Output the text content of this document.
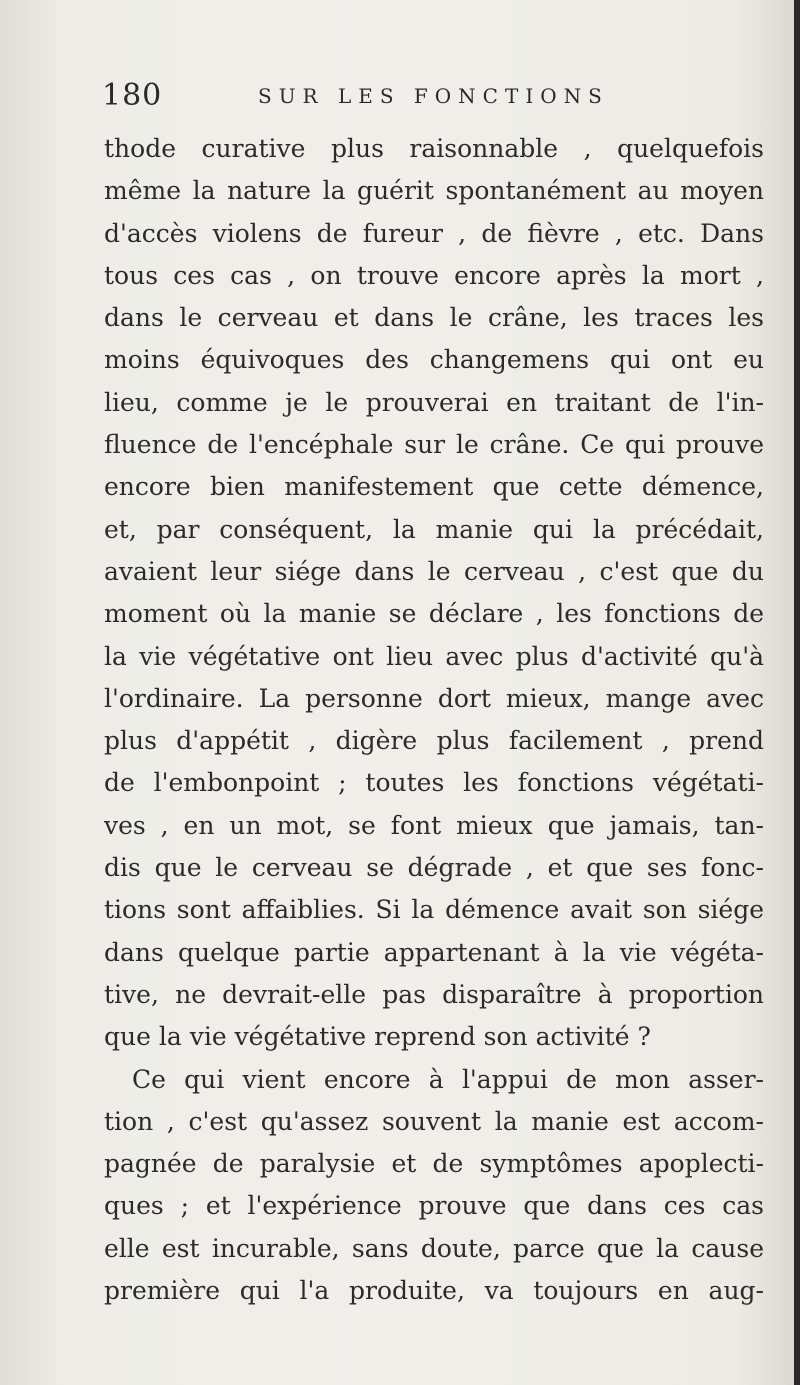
180	SUR LES FONCTIONS
thode curative plus raisonnable , quelquefois
même la nature la guérit spontanément au moyen
d'accès violens de fureur , de fièvre , etc. Dans
tous ces cas , on trouve encore après la mort ,
dans le cerveau et dans le crâne, les traces les
moins équivoques des changemens qui ont eu
lieu, comme je le prouverai en traitant de l'in-
fluence de l'encéphale sur le crâne. Ce qui prouve
encore bien manifestement que cette démence,
et, par conséquent, la manie qui la précédait,
avaient leur siége dans le cerveau , c'est que du
moment où la manie se déclare , les fonctions de
la vie végétative ont lieu avec plus d'activité qu'à
l'ordinaire. La personne dort mieux, mange avec
plus d'appétit , digère plus facilement , prend
de l'embonpoint ; toutes les fonctions végétati-
ves , en un mot, se font mieux que jamais, tan-
dis que le cerveau se dégrade , et que ses fonc-
tions sont affaiblies. Si la démence avait son siége
dans quelque partie appartenant à la vie végéta-
tive, ne devrait-elle pas disparaître à proportion
que la vie végétative reprend son activité ?
Ce qui vient encore à l'appui de mon asser-
tion , c'est qu'assez souvent la manie est accom-
pagnée de paralysie et de symptômes apoplecti-
ques ; et l'expérience prouve que dans ces cas
elle est incurable, sans doute, parce que la cause
première qui l'a produite, va toujours en aug-
